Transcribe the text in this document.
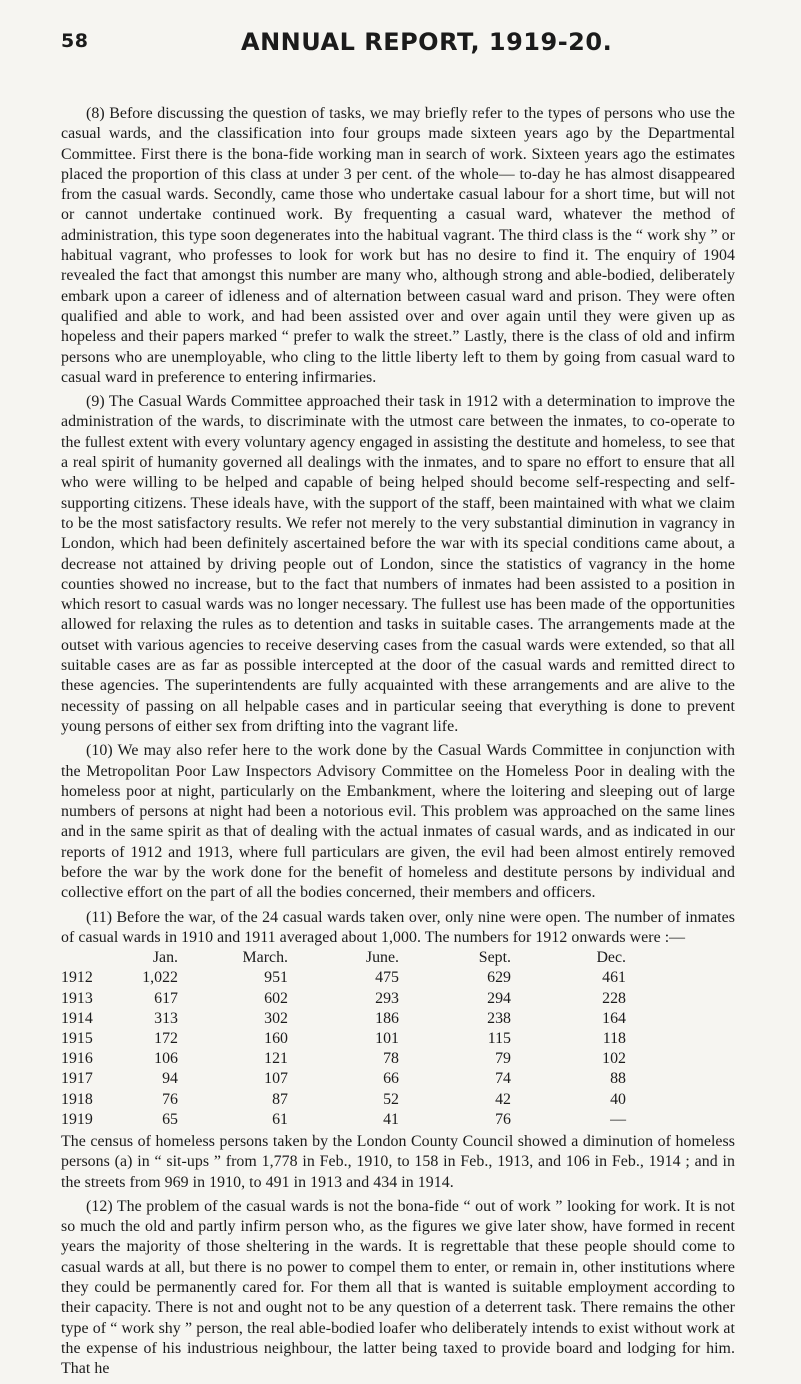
58	ANNUAL REPORT, 1919-20.

(8) Before discussing the question of tasks, we may briefly refer to the types of persons who use the casual wards, and the classification into four groups made sixteen years ago by the Departmental Committee. First there is the bona-fide working man in search of work. Sixteen years ago the estimates placed the proportion of this class at under 3 per cent. of the whole— to-day he has almost disappeared from the casual wards. Secondly, came those who undertake casual labour for a short time, but will not or cannot undertake continued work. By frequenting a casual ward, whatever the method of administration, this type soon degenerates into the habitual vagrant. The third class is the “ work shy ” or habitual vagrant, who professes to look for work but has no desire to find it. The enquiry of 1904 revealed the fact that amongst this number are many who, although strong and able-bodied, deliberately embark upon a career of idleness and of alternation between casual ward and prison. They were often qualified and able to work, and had been assisted over and over again until they were given up as hopeless and their papers marked “ prefer to walk the street.” Lastly, there is the class of old and infirm persons who are unemployable, who cling to the little liberty left to them by going from casual ward to casual ward in preference to entering infirmaries.

(9) The Casual Wards Committee approached their task in 1912 with a determination to improve the administration of the wards, to discriminate with the utmost care between the inmates, to co-operate to the fullest extent with every voluntary agency engaged in assisting the destitute and homeless, to see that a real spirit of humanity governed all dealings with the inmates, and to spare no effort to ensure that all who were willing to be helped and capable of being helped should become self-respecting and self-supporting citizens. These ideals have, with the support of the staff, been maintained with what we claim to be the most satisfactory results. We refer not merely to the very substantial diminution in vagrancy in London, which had been definitely ascertained before the war with its special conditions came about, a decrease not attained by driving people out of London, since the statistics of vagrancy in the home counties showed no increase, but to the fact that numbers of inmates had been assisted to a position in which resort to casual wards was no longer necessary. The fullest use has been made of the opportunities allowed for relaxing the rules as to detention and tasks in suitable cases. The arrangements made at the outset with various agencies to receive deserving cases from the casual wards were extended, so that all suitable cases are as far as possible intercepted at the door of the casual wards and remitted direct to these agencies. The superintendents are fully acquainted with these arrangements and are alive to the necessity of passing on all helpable cases and in particular seeing that everything is done to prevent young persons of either sex from drifting into the vagrant life.

(10) We may also refer here to the work done by the Casual Wards Committee in conjunction with the Metropolitan Poor Law Inspectors Advisory Committee on the Homeless Poor in dealing with the homeless poor at night, particularly on the Embankment, where the loitering and sleeping out of large numbers of persons at night had been a notorious evil. This problem was approached on the same lines and in the same spirit as that of dealing with the actual inmates of casual wards, and as indicated in our reports of 1912 and 1913, where full particulars are given, the evil had been almost entirely removed before the war by the work done for the benefit of homeless and destitute persons by individual and collective effort on the part of all the bodies concerned, their members and officers.

(11) Before the war, of the 24 casual wards taken over, only nine were open. The number of inmates of casual wards in 1910 and 1911 averaged about 1,000. The numbers for 1912 onwards were :—

	Jan.	March.	June.	Sept.	Dec.
1912	1,022	951	475	629	461
1913	617	602	293	294	228
1914	313	302	186	238	164
1915	172	160	101	115	118
1916	106	121	78	79	102
1917	94	107	66	74	88
1918	76	87	52	42	40
1919	65	61	41	76	—

The census of homeless persons taken by the London County Council showed a diminution of homeless persons (a) in “ sit-ups ” from 1,778 in Feb., 1910, to 158 in Feb., 1913, and 106 in Feb., 1914 ; and in the streets from 969 in 1910, to 491 in 1913 and 434 in 1914.

(12) The problem of the casual wards is not the bona-fide “ out of work ” looking for work. It is not so much the old and partly infirm person who, as the figures we give later show, have formed in recent years the majority of those sheltering in the wards. It is regrettable that these people should come to casual wards at all, but there is no power to compel them to enter, or remain in, other institutions where they could be permanently cared for. For them all that is wanted is suitable employment according to their capacity. There is not and ought not to be any question of a deterrent task. There remains the other type of “ work shy ” person, the real able-bodied loafer who deliberately intends to exist without work at the expense of his industrious neighbour, the latter being taxed to provide board and lodging for him. That he
